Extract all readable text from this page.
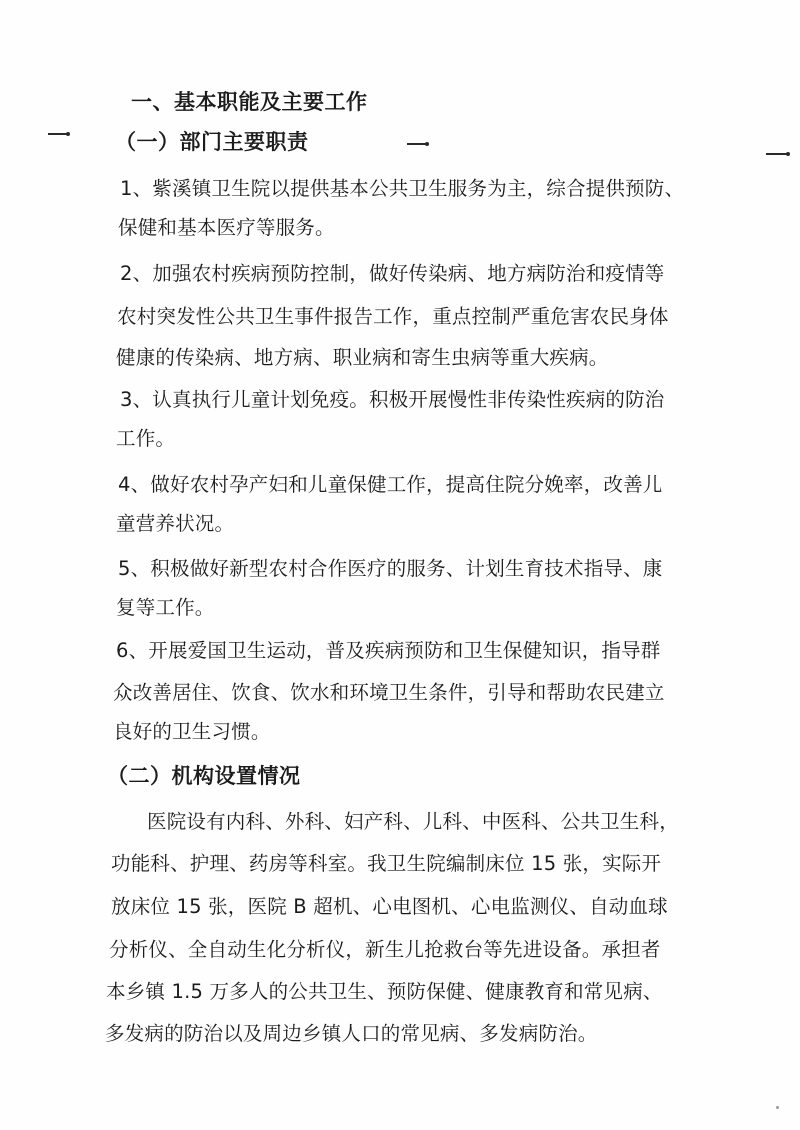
一、基本职能及主要工作
（一）部门主要职责
1、紫溪镇卫生院以提供基本公共卫生服务为主，综合提供预防、
保健和基本医疗等服务。
2、加强农村疾病预防控制，做好传染病、地方病防治和疫情等
农村突发性公共卫生事件报告工作，重点控制严重危害农民身体
健康的传染病、地方病、职业病和寄生虫病等重大疾病。
3、认真执行儿童计划免疫。积极开展慢性非传染性疾病的防治
工作。
4、做好农村孕产妇和儿童保健工作，提高住院分娩率，改善儿
童营养状况。
5、积极做好新型农村合作医疗的服务、计划生育技术指导、康
复等工作。
6、开展爱国卫生运动，普及疾病预防和卫生保健知识，指导群
众改善居住、饮食、饮水和环境卫生条件，引导和帮助农民建立
良好的卫生习惯。
（二）机构设置情况
医院设有内科、外科、妇产科、儿科、中医科、公共卫生科，
功能科、护理、药房等科室。我卫生院编制床位 15 张，实际开
放床位 15 张，医院 B 超机、心电图机、心电监测仪、自动血球
分析仪、全自动生化分析仪，新生儿抢救台等先进设备。承担者
本乡镇 1.5 万多人的公共卫生、预防保健、健康教育和常见病、
多发病的防治以及周边乡镇人口的常见病、多发病防治。
